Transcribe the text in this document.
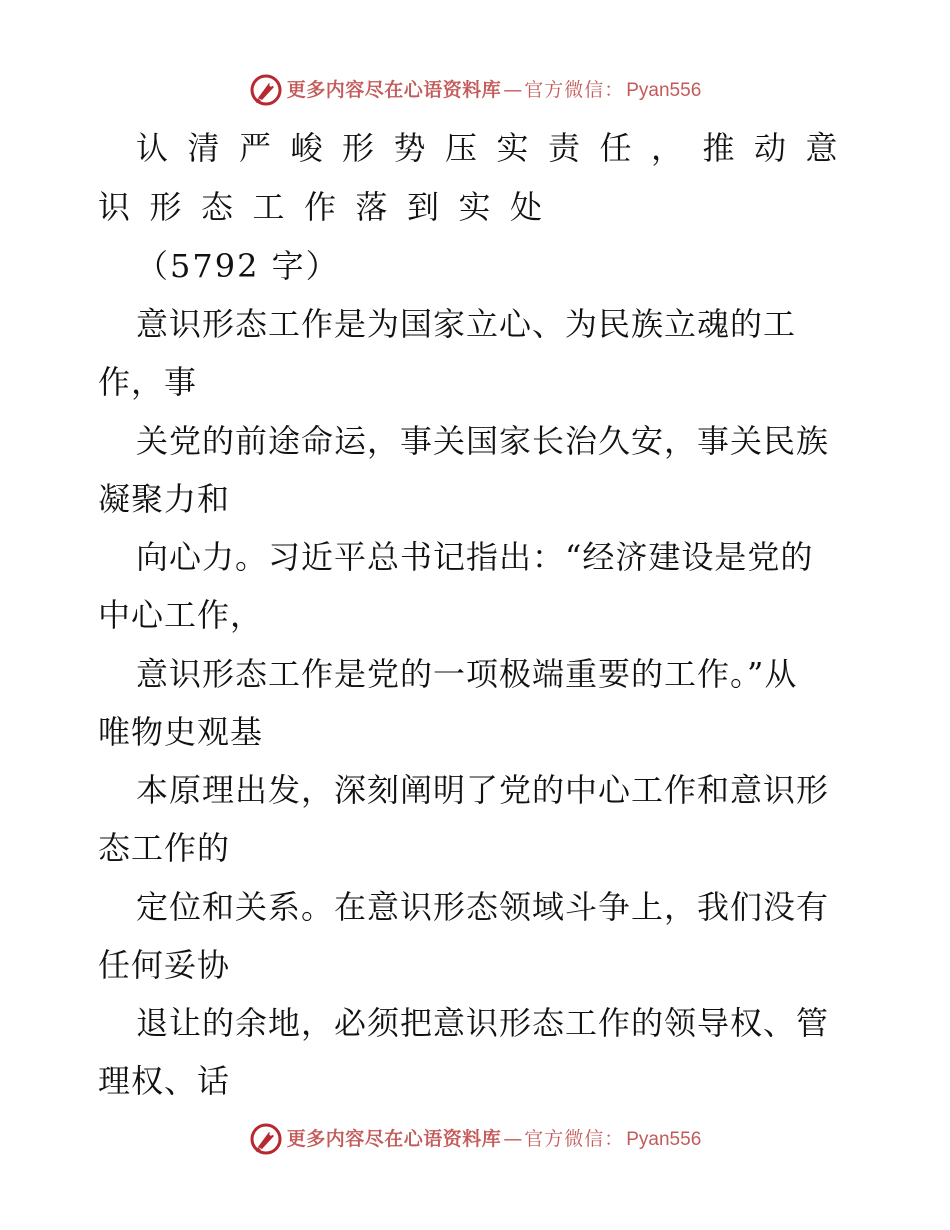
更多内容尽在心语资料库 — 官方微信： Pyan556
认清严峻形势压实责任，推动意
识形态工作落到实处
（5792 字）
意识形态工作是为国家立心、为民族立魂的工
作，事
关党的前途命运，事关国家长治久安，事关民族
凝聚力和
向心力。习近平总书记指出：“经济建设是党的
中心工作，
意识形态工作是党的一项极端重要的工作。”从
唯物史观基
本原理出发，深刻阐明了党的中心工作和意识形
态工作的
定位和关系。在意识形态领域斗争上，我们没有
任何妥协
退让的余地，必须把意识形态工作的领导权、管
理权、话
更多内容尽在心语资料库 — 官方微信： Pyan556
